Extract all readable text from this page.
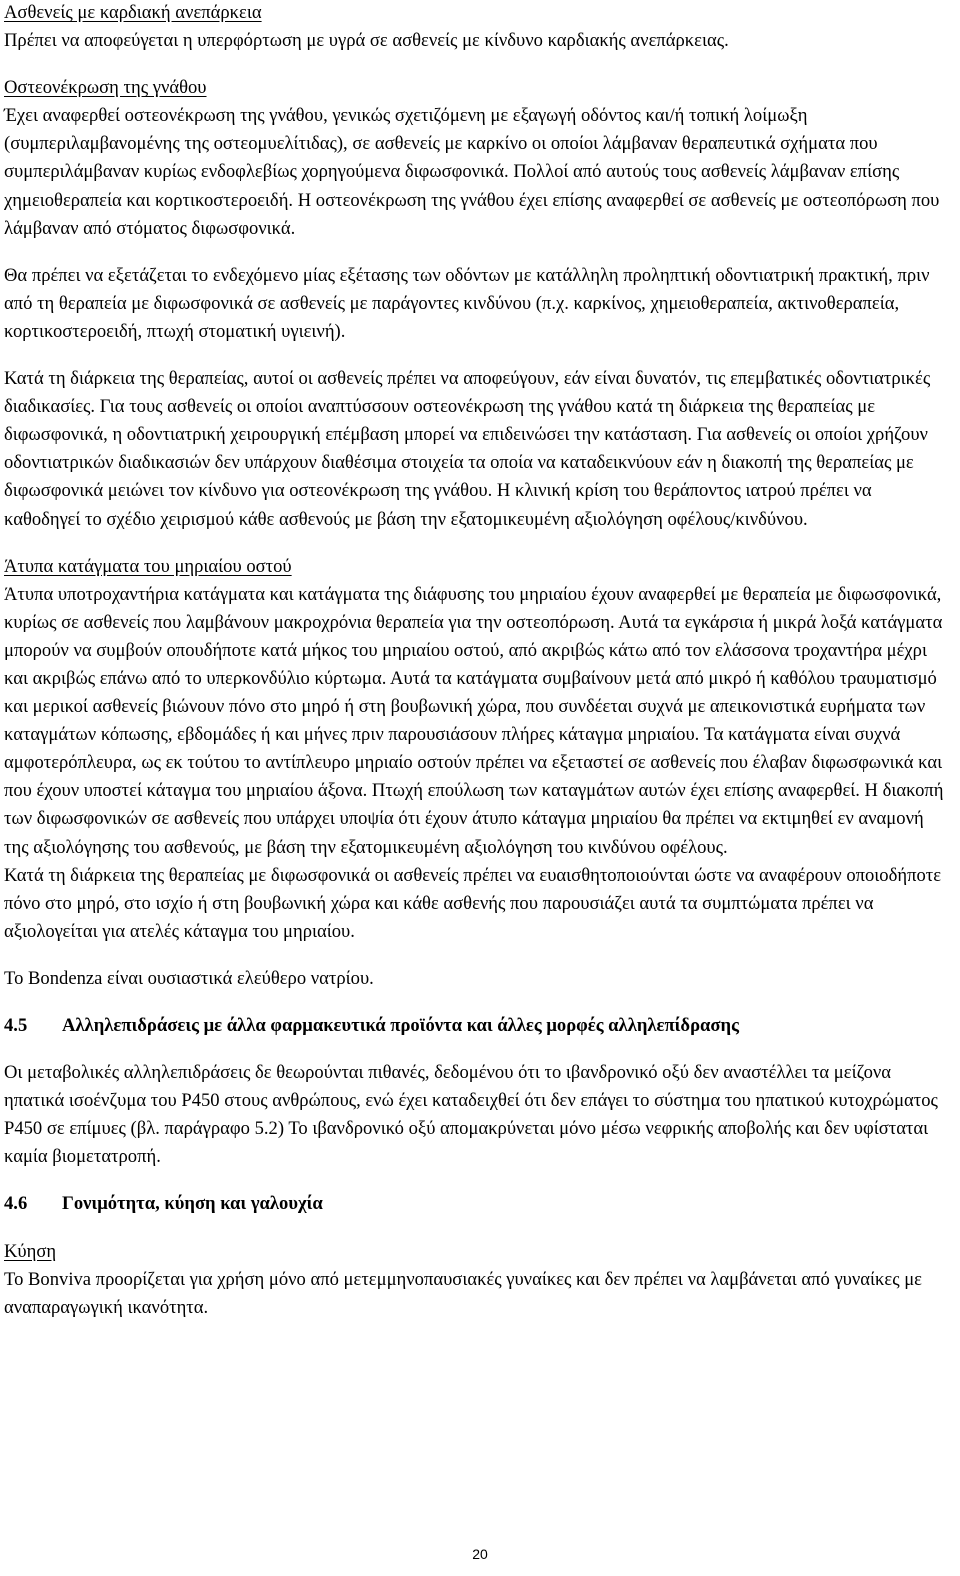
Ασθενείς με καρδιακή ανεπάρκεια

Πρέπει να αποφεύγεται η υπερφόρτωση με υγρά σε ασθενείς με κίνδυνο καρδιακής ανεπάρκειας.

Οστεονέκρωση της γνάθου

Έχει αναφερθεί οστεονέκρωση της γνάθου, γενικώς σχετιζόμενη με εξαγωγή οδόντος και/ή τοπική λοίμωξη (συμπεριλαμβανομένης της οστεομυελίτιδας), σε ασθενείς με καρκίνο οι οποίοι λάμβαναν θεραπευτικά σχήματα που συμπεριλάμβαναν κυρίως ενδοφλεβίως χορηγούμενα διφωσφονικά. Πολλοί από αυτούς τους ασθενείς λάμβαναν επίσης χημειοθεραπεία και κορτικοστεροειδή. Η οστεονέκρωση της γνάθου έχει επίσης αναφερθεί σε ασθενείς με οστεοπόρωση που λάμβαναν από στόματος διφωσφονικά.

Θα πρέπει να εξετάζεται το ενδεχόμενο μίας εξέτασης των οδόντων με κατάλληλη προληπτική οδοντιατρική πρακτική, πριν από τη θεραπεία με διφωσφονικά σε ασθενείς με παράγοντες κινδύνου (π.χ. καρκίνος, χημειοθεραπεία, ακτινοθεραπεία, κορτικοστεροειδή, πτωχή στοματική υγιεινή).

Κατά τη διάρκεια της θεραπείας, αυτοί οι ασθενείς πρέπει να αποφεύγουν, εάν είναι δυνατόν, τις επεμβατικές οδοντιατρικές διαδικασίες. Για τους ασθενείς οι οποίοι αναπτύσσουν οστεονέκρωση της γνάθου κατά τη διάρκεια της θεραπείας με διφωσφονικά, η οδοντιατρική χειρουργική επέμβαση μπορεί να επιδεινώσει την κατάσταση. Για ασθενείς οι οποίοι χρήζουν οδοντιατρικών διαδικασιών δεν υπάρχουν διαθέσιμα στοιχεία τα οποία να καταδεικνύουν εάν η διακοπή της θεραπείας με διφωσφονικά μειώνει τον κίνδυνο για οστεονέκρωση της γνάθου. Η κλινική κρίση του θεράποντος ιατρού πρέπει να καθοδηγεί το σχέδιο χειρισμού κάθε ασθενούς με βάση την εξατομικευμένη αξιολόγηση οφέλους/κινδύνου.

Άτυπα κατάγματα του μηριαίου οστού

Άτυπα υποτροχαντήρια κατάγματα και κατάγματα της διάφυσης του μηριαίου έχουν αναφερθεί με θεραπεία με διφωσφονικά, κυρίως σε ασθενείς που λαμβάνουν μακροχρόνια θεραπεία για την οστεοπόρωση. Αυτά τα εγκάρσια ή μικρά λοξά κατάγματα μπορούν να συμβούν οπουδήποτε κατά μήκος του μηριαίου οστού, από ακριβώς κάτω από τον ελάσσονα τροχαντήρα μέχρι και ακριβώς επάνω από το υπερκονδύλιο κύρτωμα. Αυτά τα κατάγματα συμβαίνουν μετά από μικρό ή καθόλου τραυματισμό και μερικοί ασθενείς βιώνουν πόνο στο μηρό ή στη βουβωνική χώρα, που συνδέεται συχνά με απεικονιστικά ευρήματα των καταγμάτων κόπωσης, εβδομάδες ή και μήνες πριν παρουσιάσουν πλήρες κάταγμα μηριαίου. Τα κατάγματα είναι συχνά αμφοτερόπλευρα, ως εκ τούτου το αντίπλευρο μηριαίο οστούν πρέπει να εξεταστεί σε ασθενείς που έλαβαν διφωσφωνικά και που έχουν υποστεί κάταγμα του μηριαίου άξονα. Πτωχή επούλωση των καταγμάτων αυτών έχει επίσης αναφερθεί. Η διακοπή των διφωσφονικών σε ασθενείς που υπάρχει υποψία ότι έχουν άτυπο κάταγμα μηριαίου θα πρέπει να εκτιμηθεί εν αναμονή της αξιολόγησης του ασθενούς, με βάση την εξατομικευμένη αξιολόγηση του κινδύνου οφέλους.

Κατά τη διάρκεια της θεραπείας με διφωσφονικά οι ασθενείς πρέπει να ευαισθητοποιούνται ώστε να αναφέρουν οποιοδήποτε πόνο στο μηρό, στο ισχίο ή στη βουβωνική χώρα και κάθε ασθενής που παρουσιάζει αυτά τα συμπτώματα πρέπει να αξιολογείται για ατελές κάταγμα του μηριαίου.

Το Bondenza είναι ουσιαστικά ελεύθερο νατρίου.

4.5	Αλληλεπιδράσεις με άλλα φαρμακευτικά προϊόντα και άλλες μορφές αλληλεπίδρασης

Οι μεταβολικές αλληλεπιδράσεις δε θεωρούνται πιθανές, δεδομένου ότι το ιβανδρονικό οξύ δεν αναστέλλει τα μείζονα ηπατικά ισοένζυμα του P450 στους ανθρώπους, ενώ έχει καταδειχθεί ότι δεν επάγει το σύστημα του ηπατικού κυτοχρώματος P450 σε επίμυες (βλ. παράγραφο 5.2) Το ιβανδρονικό οξύ απομακρύνεται μόνο μέσω νεφρικής αποβολής και δεν υφίσταται καμία βιομετατροπή.

4.6	Γονιμότητα, κύηση και γαλουχία

Κύηση

Το Bonviva προορίζεται για χρήση μόνο από μετεμμηνοπαυσιακές γυναίκες και δεν πρέπει να λαμβάνεται από γυναίκες με αναπαραγωγική ικανότητα.

20
